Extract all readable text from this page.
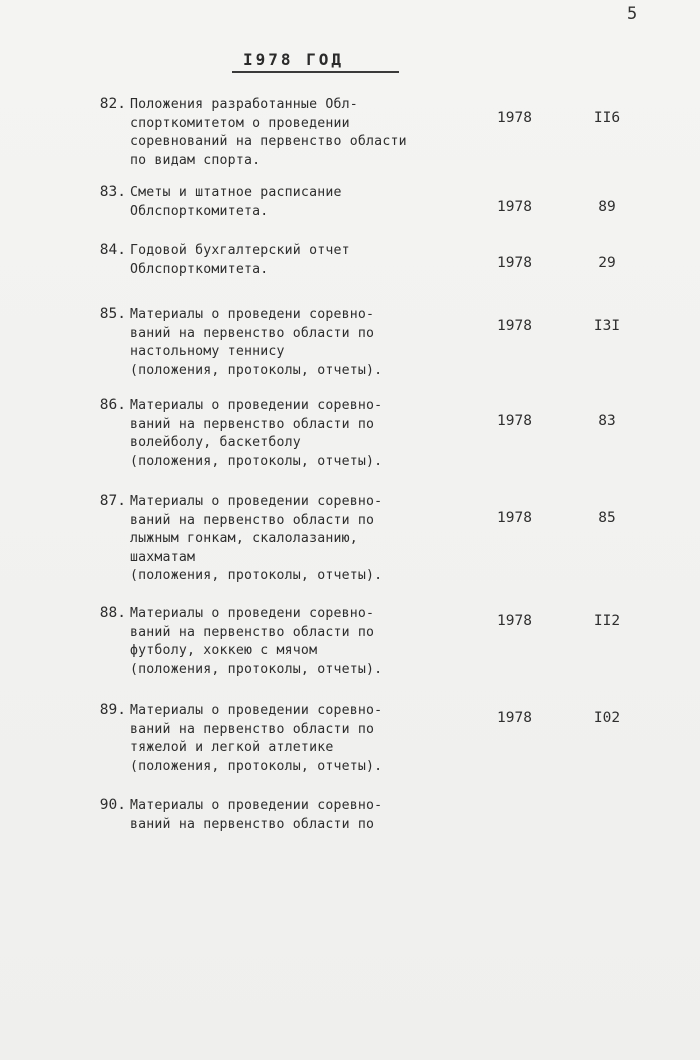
5
I978 ГОД
82. Положения разработанные Обл-
спорткомитетом о проведении
соревнований на первенство области
по видам спорта.
1978	II6
83. Сметы и штатное расписание
Облспорткомитета.	1978	89
84. Годовой бухгалтерский отчет
Облспорткомитета.	1978	29
85. Материалы о проведени соревно-
ваний на первенство области по
настольному теннису
(положения, протоколы, отчеты).
1978	I3I
86. Материалы о проведении соревно-
ваний на первенство области по
волейболу, баскетболу
(положения, протоколы, отчеты).
1978	83
87. Материалы о проведении соревно-
ваний на первенство области по
лыжным гонкам, скалолазанию,
шахматам
(положения, протоколы, отчеты).
1978	85
88. Материалы о проведени соревно-
ваний на первенство области по
футболу, хоккею с мячом
(положения, протоколы, отчеты).
1978	II2
89. Материалы о проведении соревно-
ваний на первенство области по
тяжелой и легкой атлетике
(положения, протоколы, отчеты).
1978	I02
90. Материалы о проведении соревно-
ваний на первенство области по
